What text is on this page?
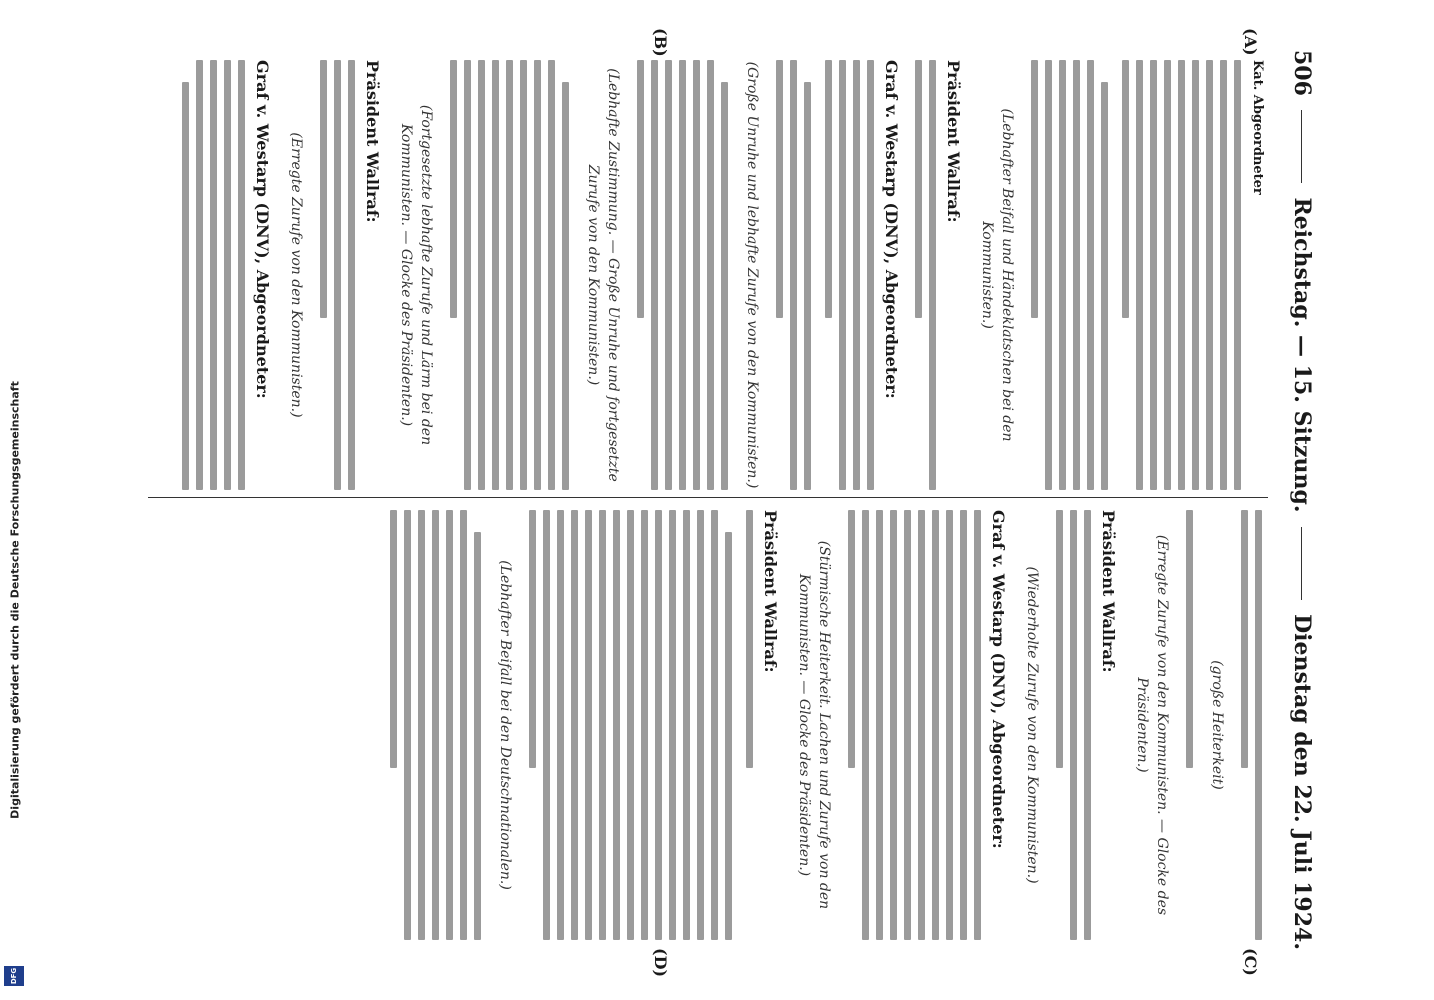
Digitalisierung gefördert durch die Deutsche Forschungsgemeinschaft
DFG
506
Reichstag. — 15. Sitzung.
Dienstag den 22. Juli 1924.
(A)
(B)
(C)
(D)
Kat. Abgeordneter
(Lebhafter Beifall und Händeklatschen bei den Kommunisten.)
Präsident Wallraf:
Graf v. Westarp (DNV), Abgeordneter:
(Große Unruhe und lebhafte Zurufe von den Kommunisten.)
(Lebhafte Zustimmung. — Große Unruhe und fortgesetzte Zurufe von den Kommunisten.)
(Fortgesetzte lebhafte Zurufe und Lärm bei den Kommunisten. — Glocke des Präsidenten.)
Präsident Wallraf:
(Erregte Zurufe von den Kommunisten.)
Graf v. Westarp (DNV), Abgeordneter:
(große Heiterkeit)
(Erregte Zurufe von den Kommunisten. — Glocke des Präsidenten.)
Präsident Wallraf:
(Wiederholte Zurufe von den Kommunisten.)
Graf v. Westarp (DNV), Abgeordneter:
(Stürmische Heiterkeit. Lachen und Zurufe von den Kommunisten. — Glocke des Präsidenten.)
Präsident Wallraf:
(Lebhafter Beifall bei den Deutschnationalen.)
